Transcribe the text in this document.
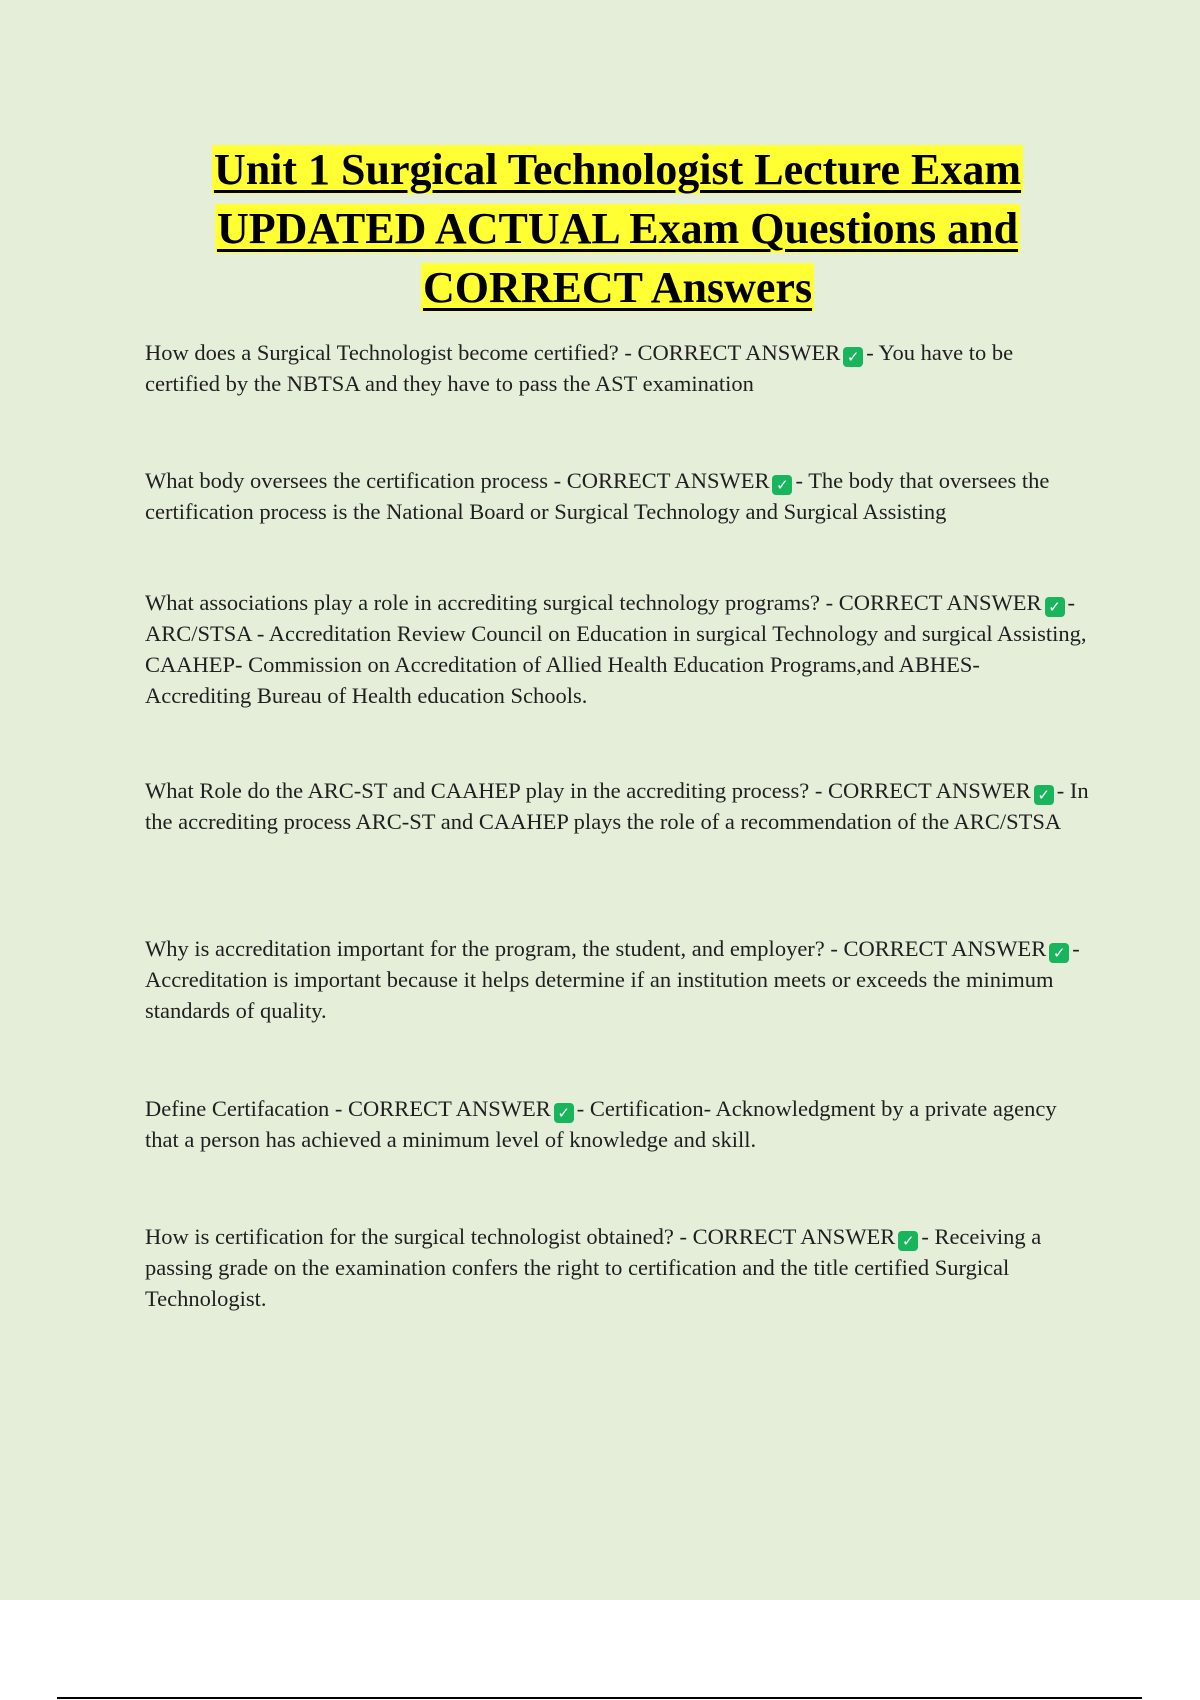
Unit 1 Surgical Technologist Lecture Exam UPDATED ACTUAL Exam Questions and CORRECT Answers

How does a Surgical Technologist become certified? - CORRECT ANSWER ✓ - You have to be certified by the NBTSA and they have to pass the AST examination

What body oversees the certification process - CORRECT ANSWER ✓ - The body that oversees the certification process is the National Board or Surgical Technology and Surgical Assisting

What associations play a role in accrediting surgical technology programs? - CORRECT ANSWER ✓ - ARC/STSA - Accreditation Review Council on Education in surgical Technology and surgical Assisting, CAAHEP- Commission on Accreditation of Allied Health Education Programs,and ABHES- Accrediting Bureau of Health education Schools.

What Role do the ARC-ST and CAAHEP play in the accrediting process? - CORRECT ANSWER ✓ - In the accrediting process ARC-ST and CAAHEP plays the role of a recommendation of the ARC/STSA

Why is accreditation important for the program, the student, and employer? - CORRECT ANSWER ✓ - Accreditation is important because it helps determine if an institution meets or exceeds the minimum standards of quality.

Define Certifacation - CORRECT ANSWER ✓ - Certification- Acknowledgment by a private agency that a person has achieved a minimum level of knowledge and skill.

How is certification for the surgical technologist obtained? - CORRECT ANSWER ✓ - Receiving a passing grade on the examination confers the right to certification and the title certified Surgical Technologist.
